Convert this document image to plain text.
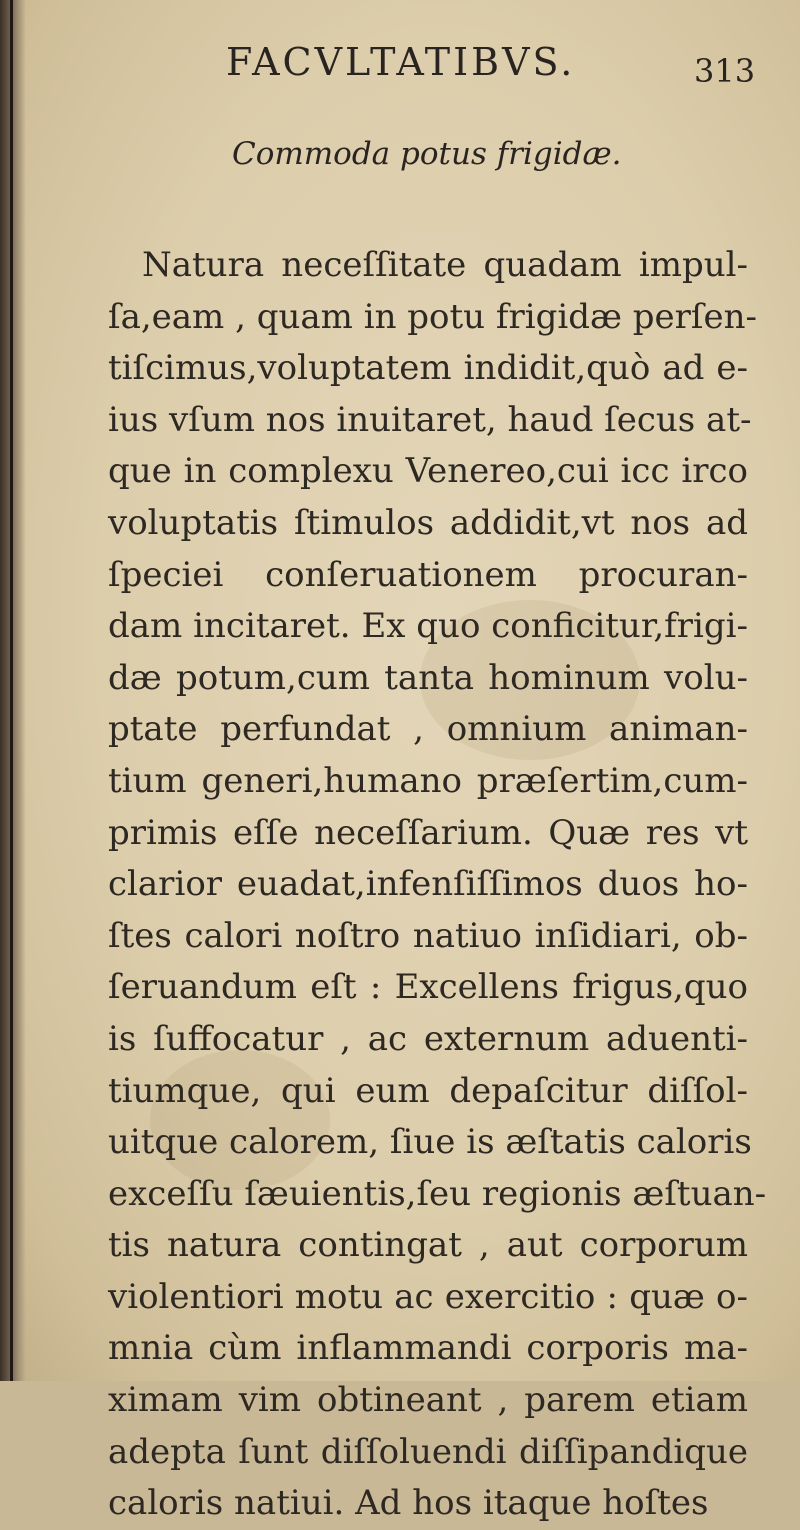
FACVLTATIBVS.	313
Commoda potus frigidæ.
Natura neceſſitate quadam impul-
ſa,eam , quam in potu frigidæ perſen-
tiſcimus,voluptatem indidit,quò ad e-
ius vſum nos inuitaret, haud ſecus at-
que in complexu Venereo,cui icc irco
voluptatis ſtimulos addidit,vt nos ad
ſpeciei conſeruationem procuran-
dam incitaret. Ex quo conficitur,frigi-
dæ potum,cum tanta hominum volu-
ptate perfundat , omnium animan-
tium generi,humano præſertim,cum-
primis eſſe neceſſarium. Quæ res vt
clarior euadat,infenſiſſimos duos ho-
ſtes calori noſtro natiuo inſidiari, ob-
ſeruandum eſt : Excellens frigus,quo
is ſuffocatur , ac externum aduenti-
tiumque, qui eum depaſcitur diſſol-
uitque calorem, ſiue is æſtatis caloris
exceſſu ſæuientis,ſeu regionis æſtuan-
tis natura contingat , aut corporum
violentiori motu ac exercitio : quæ o-
mnia cùm inflammandi corporis ma-
ximam vim obtineant , parem etiam
adepta ſunt diſſoluendi diſſipandique
caloris natiui. Ad hos itaque hoſtes
